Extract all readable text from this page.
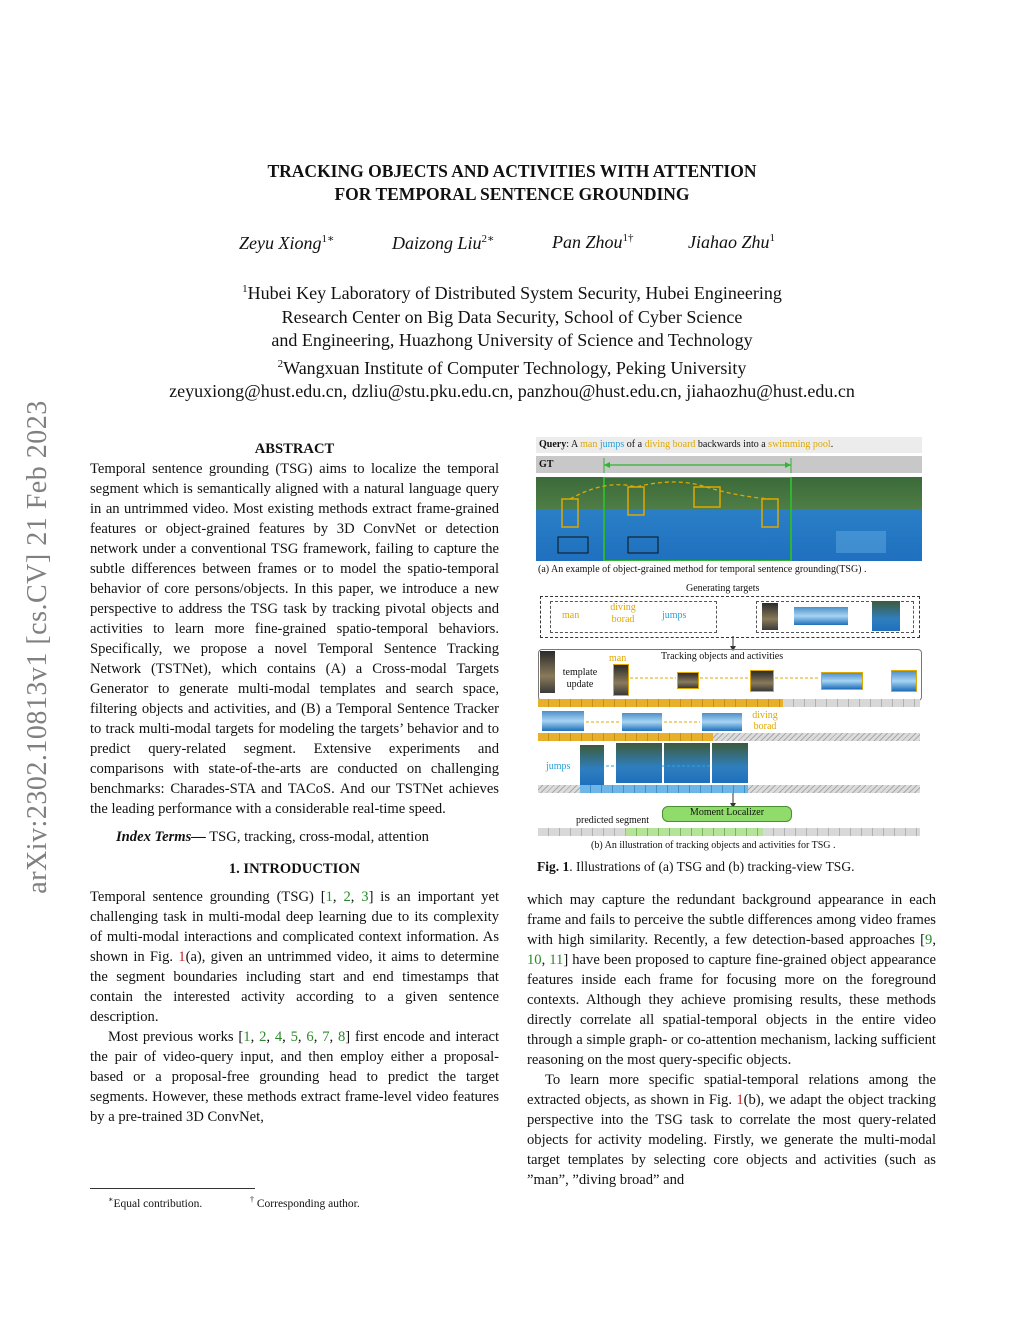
arXiv:2302.10813v1 [cs.CV] 21 Feb 2023
TRACKING OBJECTS AND ACTIVITIES WITH ATTENTION
FOR TEMPORAL SENTENCE GROUNDING
Zeyu Xiong$^{1∗}$	Daizong Liu$^{2∗}$	Pan Zhou$^{1\dagger}$	Jiahao Zhu$^1$
$^1$Hubei Key Laboratory of Distributed System Security, Hubei Engineering
Research Center on Big Data Security, School of Cyber Science
and Engineering, Huazhong University of Science and Technology
$^2$Wangxuan Institute of Computer Technology, Peking University
zeyuxiong@hust.edu.cn, dzliu@stu.pku.edu.cn, panzhou@hust.edu.cn, jiahaozhu@hust.edu.cn
ABSTRACT

Temporal sentence grounding (TSG) aims to localize the temporal segment which is semantically aligned with a natural language query in an untrimmed video. Most existing methods extract frame-grained features or object-grained features by 3D ConvNet or detection network under a conventional TSG framework, failing to capture the subtle differences between frames or to model the spatio-temporal behavior of core persons/objects. In this paper, we introduce a new perspective to address the TSG task by tracking pivotal objects and activities to learn more fine-grained spatio-temporal behaviors. Specifically, we propose a novel Temporal Sentence Tracking Network (TSTNet), which contains (A) a Cross-modal Targets Generator to generate multi-modal templates and search space, filtering objects and activities, and (B) a Temporal Sentence Tracker to track multi-modal targets for modeling the targets’ behavior and to predict query-related segment. Extensive experiments and comparisons with state-of-the-arts are conducted on challenging benchmarks: Charades-STA and TACoS. And our TSTNet achieves the leading performance with a considerable real-time speed.

Index Terms— TSG, tracking, cross-modal, attention

1. INTRODUCTION

Temporal sentence grounding (TSG) [1, 2, 3] is an important yet challenging task in multi-modal deep learning due to its complexity of multi-modal interactions and complicated context information. As shown in Fig. 1(a), given an untrimmed video, it aims to determine the segment boundaries including start and end timestamps that contain the interested activity according to a given sentence description.

Most previous works [1, 2, 4, 5, 6, 7, 8] first encode and interact the pair of video-query input, and then employ either a proposal-based or a proposal-free grounding head to predict the target segments. However, these methods extract frame-level video features by a pre-trained 3D ConvNet,

∗Equal contribution.	† Corresponding author.
Query: A man jumps of a diving board backwards into a swimming pool.
GT
(a) An example of object-grained method for temporal sentence grounding(TSG) .
Generating targets
man
diving borad	jumps
Tracking objects and activities
template update
man
diving borad
jumps
Moment Localizer
predicted segment
(b) An illustration of tracking objects and activities for TSG .
Fig. 1. Illustrations of (a) TSG and (b) tracking-view TSG.

which may capture the redundant background appearance in each frame and fails to perceive the subtle differences among video frames with high similarity. Recently, a few detection-based approaches [9, 10, 11] have been proposed to capture fine-grained object appearance features inside each frame for focusing more on the foreground contexts. Although they achieve promising results, these methods directly correlate all spatial-temporal objects in the entire video through a simple graph- or co-attention mechanism, lacking sufficient reasoning on the most query-specific objects.

To learn more specific spatial-temporal relations among the extracted objects, as shown in Fig. 1(b), we adapt the object tracking perspective into the TSG task to correlate the most query-related objects for activity modeling. Firstly, we generate the multi-modal target templates by selecting core objects and activities (such as ”man”, ”diving broad” and
